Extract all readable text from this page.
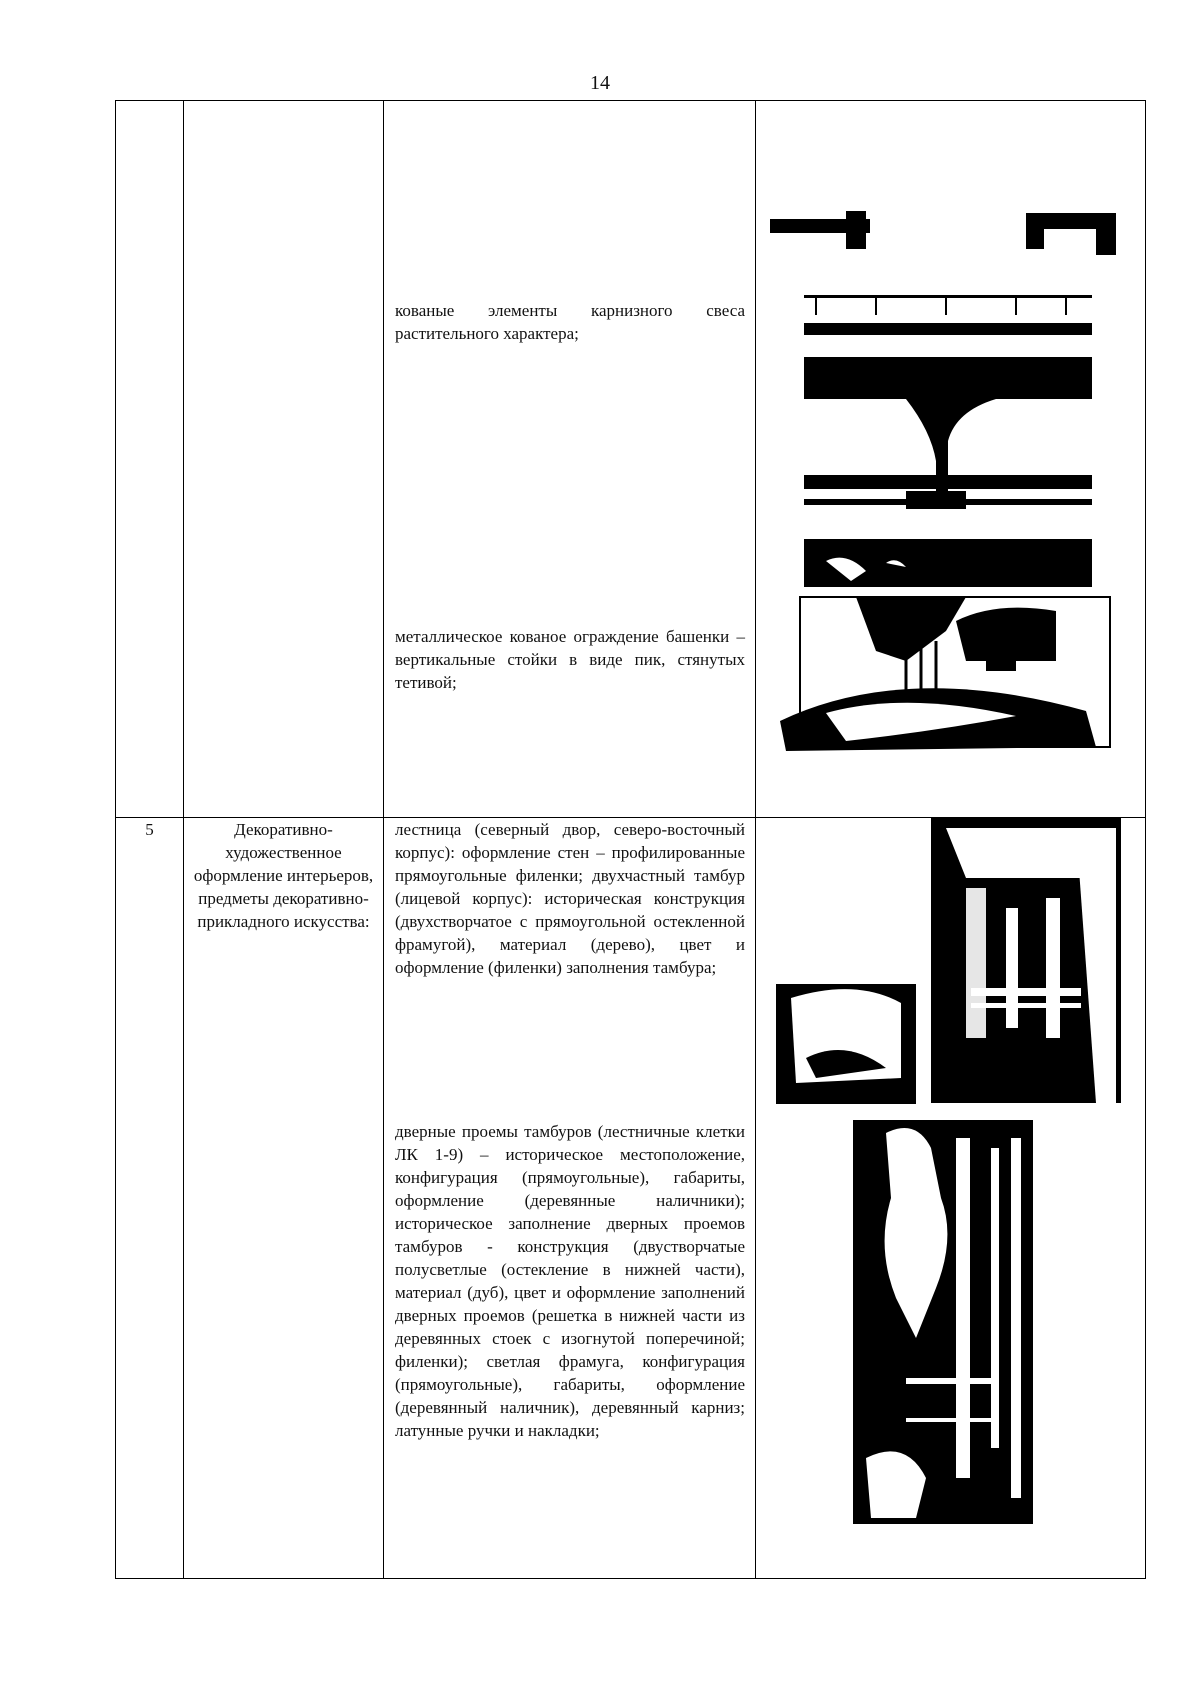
14

		кованые элементы карнизного свеса растительного характера;
металлическое кованое ограждение башенки – вертикальные стойки в виде пик, стянутых тетивой;

5	Декоративно-художественное оформление интерьеров, предметы декоративно-прикладного искусства:	лестница (северный двор, северо-восточный корпус): оформление стен – профилированные прямоугольные филенки; двухчастный тамбур (лицевой корпус): историческая конструкция (двухстворчатое с прямоугольной остекленной фрамугой), материал (дерево), цвет и оформление (филенки) заполнения тамбура;
дверные проемы тамбуров (лестничные клетки ЛК 1-9) – историческое местоположение, конфигурация (прямоугольные), габариты, оформление (деревянные наличники); историческое заполнение дверных проемов тамбуров - конструкция (двустворчатые полусветлые (остекление в нижней части), материал (дуб), цвет и оформление заполнений дверных проемов (решетка в нижней части из деревянных стоек с изогнутой поперечиной; филенки); светлая фрамуга, конфигурация (прямоугольные), габариты, оформление (деревянный наличник), деревянный карниз; латунные ручки и накладки;
